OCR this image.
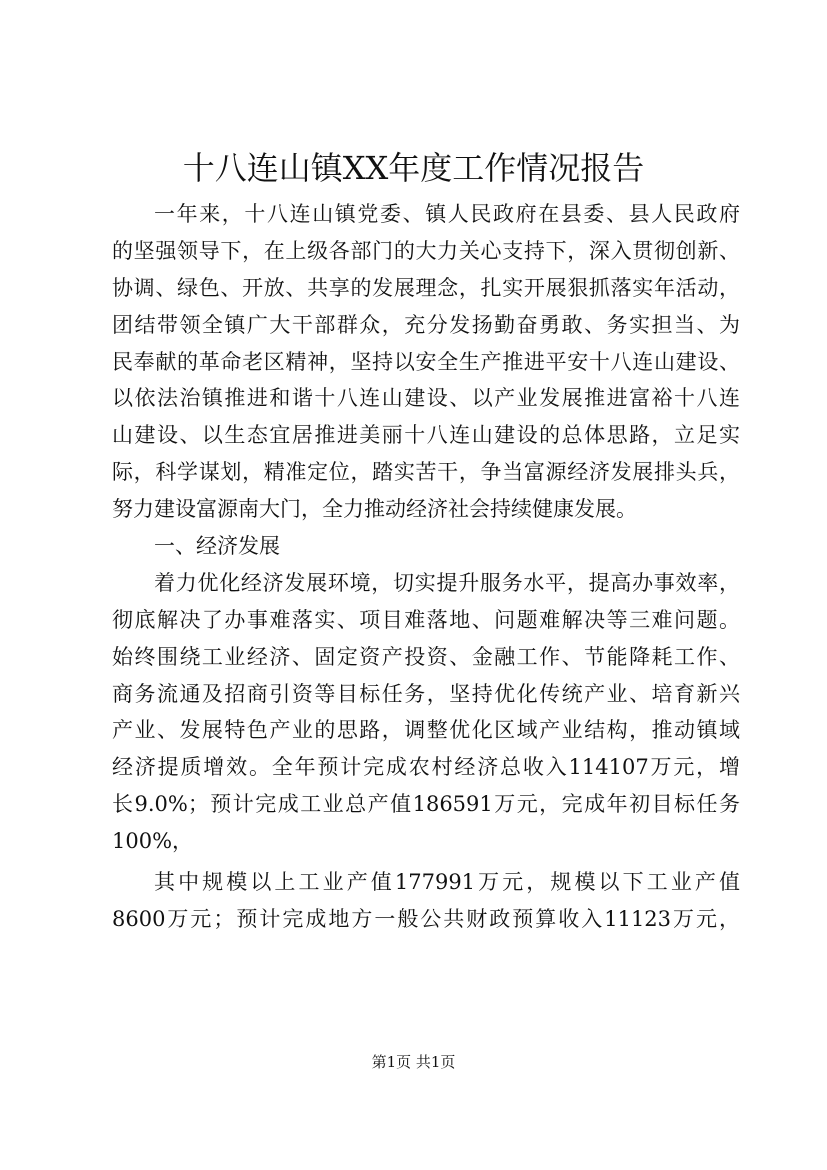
十八连山镇XX年度工作情况报告
一年来，十八连山镇党委、镇人民政府在县委、县人民政府
的坚强领导下，在上级各部门的大力关心支持下，深入贯彻创新、
协调、绿色、开放、共享的发展理念，扎实开展狠抓落实年活动，
团结带领全镇广大干部群众，充分发扬勤奋勇敢、务实担当、为
民奉献的革命老区精神，坚持以安全生产推进平安十八连山建设、
以依法治镇推进和谐十八连山建设、以产业发展推进富裕十八连
山建设、以生态宜居推进美丽十八连山建设的总体思路，立足实
际，科学谋划，精准定位，踏实苦干，争当富源经济发展排头兵，
努力建设富源南大门，全力推动经济社会持续健康发展。
一、经济发展
着力优化经济发展环境，切实提升服务水平，提高办事效率，
彻底解决了办事难落实、项目难落地、问题难解决等三难问题。
始终围绕工业经济、固定资产投资、金融工作、节能降耗工作、
商务流通及招商引资等目标任务，坚持优化传统产业、培育新兴
产业、发展特色产业的思路，调整优化区域产业结构，推动镇域
经济提质增效。全年预计完成农村经济总收入114107万元，增
长9.0%；预计完成工业总产值186591万元，完成年初目标任务
100%，
其中规模以上工业产值177991万元，规模以下工业产值
8600万元；预计完成地方一般公共财政预算收入11123万元，
第1页 共1页
